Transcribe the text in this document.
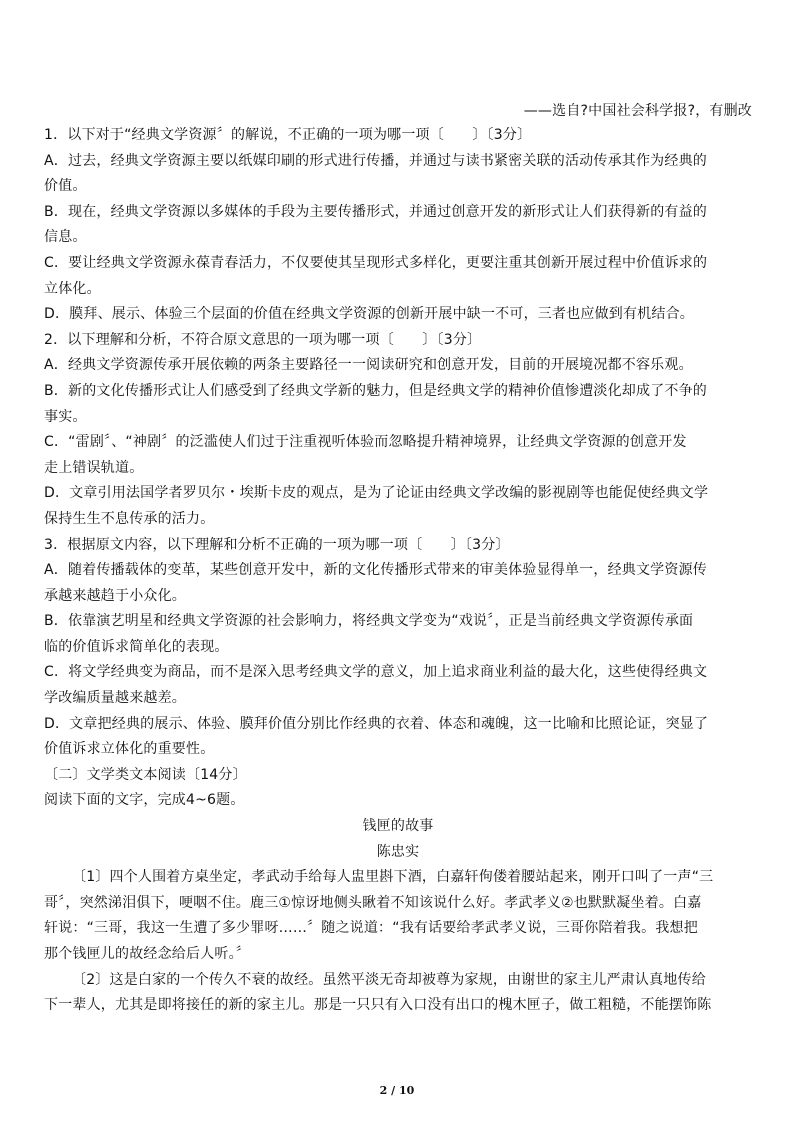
——选自?中国社会科学报?，有删改
1．以下对于“经典文学资源〞的解说，不正确的一项为哪一项〔　　〕〔3分〕
A．过去，经典文学资源主要以纸媒印刷的形式进行传播，并通过与读书紧密关联的活动传承其作为经典的
价值。
B．现在，经典文学资源以多媒体的手段为主要传播形式，并通过创意开发的新形式让人们获得新的有益的
信息。
C．要让经典文学资源永葆青春活力，不仅要使其呈现形式多样化，更要注重其创新开展过程中价值诉求的
立体化。
D．膜拜、展示、体验三个层面的价值在经典文学资源的创新开展中缺一不可，三者也应做到有机结合。
2．以下理解和分析，不符合原文意思的一项为哪一项〔　　〕〔3分〕
A．经典文学资源传承开展依赖的两条主要路径一一阅读研究和创意开发，目前的开展境况都不容乐观。
B．新的文化传播形式让人们感受到了经典文学新的魅力，但是经典文学的精神价值惨遭淡化却成了不争的
事实。
C．“雷剧〞、“神剧〞的泛滥使人们过于注重视听体验而忽略提升精神境界，让经典文学资源的创意开发
走上错误轨道。
D．文章引用法国学者罗贝尔・埃斯卡皮的观点，是为了论证由经典文学改编的影视剧等也能促使经典文学
保持生生不息传承的活力。
3．根据原文内容，以下理解和分析不正确的一项为哪一项〔　　〕〔3分〕
A．随着传播载体的变革，某些创意开发中，新的文化传播形式带来的审美体验显得单一，经典文学资源传
承越来越趋于小众化。
B．依靠演艺明星和经典文学资源的社会影响力，将经典文学变为“戏说〞，正是当前经典文学资源传承面
临的价值诉求简单化的表现。
C．将文学经典变为商品，而不是深入思考经典文学的意义，加上追求商业利益的最大化，这些使得经典文
学改编质量越来越差。
D．文章把经典的展示、体验、膜拜价值分别比作经典的衣着、体态和魂魄，这一比喻和比照论证，突显了
价值诉求立体化的重要性。
〔二〕文学类文本阅读〔14分〕
阅读下面的文字，完成4~6题。
钱匣的故事
陈忠实
〔1〕四个人围着方桌坐定，孝武动手给每人盅里斟下酒，白嘉轩佝偻着腰站起来，刚开口叫了一声“三
哥〞，突然涕泪俱下，哽咽不住。鹿三①惊讶地侧头瞅着不知该说什么好。孝武孝义②也默默凝坐着。白嘉
轩说：“三哥，我这一生遭了多少罪呀……〞随之说道：“我有话要给孝武孝义说，三哥你陪着我。我想把
那个钱匣儿的故经念给后人听。〞
〔2〕这是白家的一个传久不衰的故经。虽然平淡无奇却被尊为家规，由谢世的家主儿严肃认真地传给
下一辈人，尤其是即将接任的新的家主儿。那是一只只有入口没有出口的槐木匣子，做工粗糙，不能摆饰陈
2 / 10
